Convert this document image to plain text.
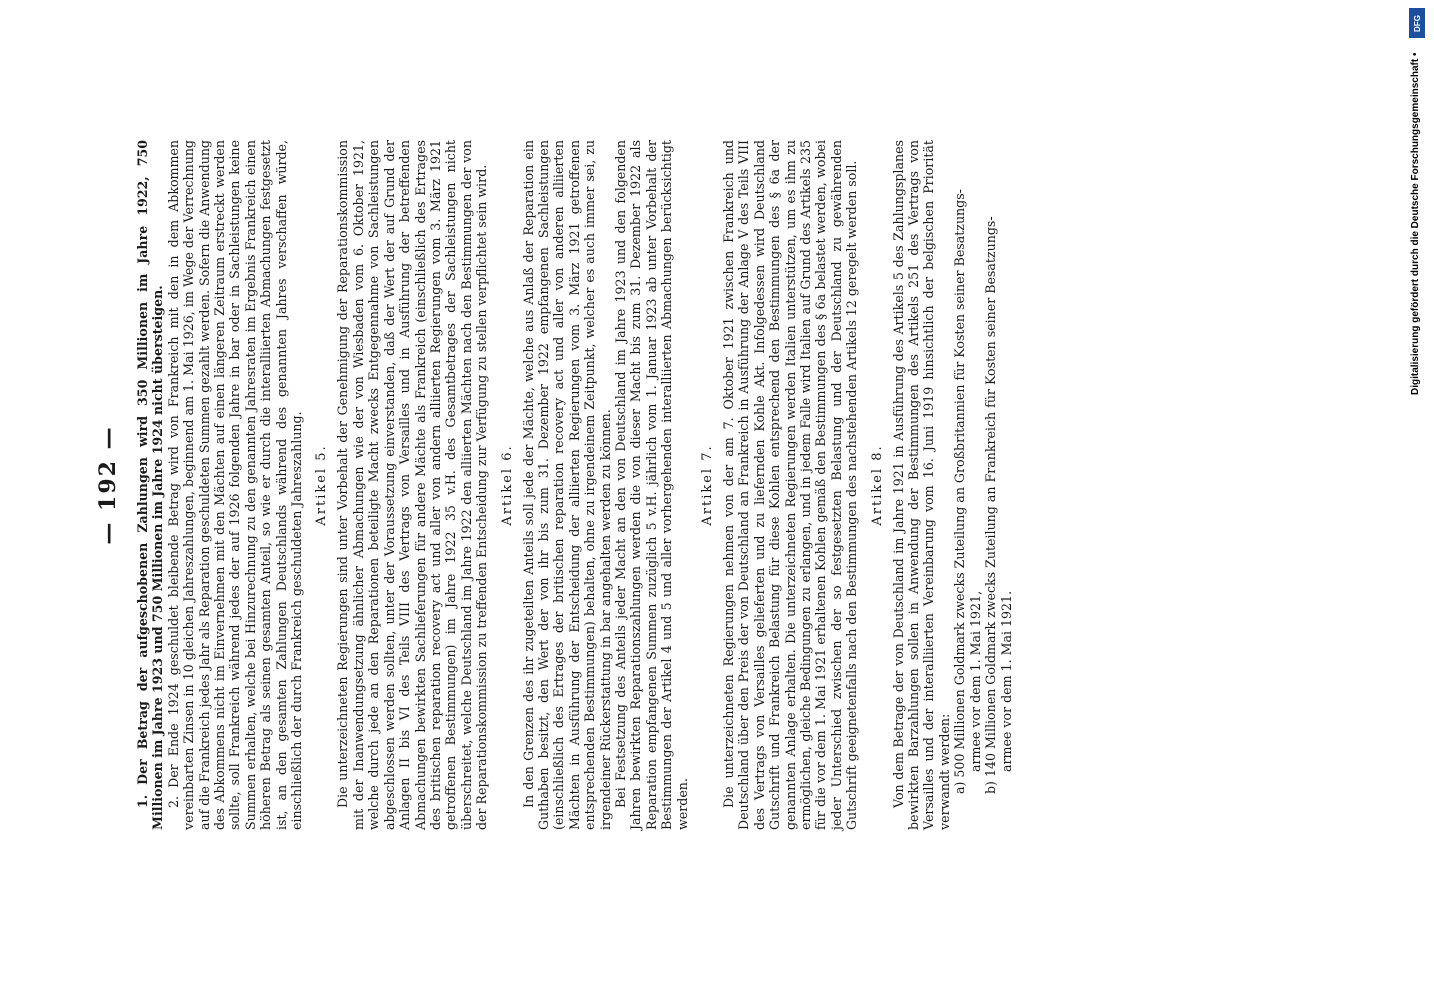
— 192 — 1. Der Betrag der aufgeschobenen Zahlungen wird 350 Millionen im Jahre 1922, 750 Millionen im Jahre 1923 und 750 Millionen im Jahre 1924 nicht übersteigen. 2. Der Ende 1924 geschuldet bleibende Betrag wird von Frankreich mit den in dem Abkommen vereinbarten Zinsen in 10 gleichen Jahreszahlungen, beginnend am 1. Mai 1926, im Wege der Verrechnung auf die Frankreich jedes Jahr als Reparation geschuldeten Summen gezahlt werden. Sofern die Anwendung des Abkommens nicht im Einvernehmen mit den Mächten auf einen längeren Zeitraum erstreckt werden sollte, soll Frankreich während jedes der auf 1926 folgenden Jahre in bar oder in Sachleistungen keine Summen erhalten, welche bei Hinzurechnung zu den genannten Jahresraten im Ergebnis Frankreich einen höheren Betrag als seinen gesamten Anteil, so wie er durch die interalliierten Abmachungen festgesetzt ist, an den gesamten Zahlungen Deutschlands während des genannten Jahres verschaffen würde, einschließlich der durch Frankreich geschuldeten Jahreszahlung. Artikel 5. Die unterzeichneten Regierungen sind unter Vorbehalt der Genehmigung der Reparationskommission mit der Inanwendungsetzung ähnlicher Abmachungen wie der von Wiesbaden vom 6. Oktober 1921, welche durch jede an den Reparationen beteiligte Macht zwecks Entgegennahme von Sachleistungen abgeschlossen werden sollten, unter der Voraussetzung einverstanden, daß der Wert der auf Grund der Anlagen II bis VI des Teils VIII des Vertrags von Versailles und in Ausführung der betreffenden Abmachungen bewirkten Sachlieferungen für andere Mächte als Frankreich (einschließlich des Ertrages des britischen reparation recovery act und aller von andern alliierten Regierungen vom 3. März 1921 getroffenen Bestimmungen) im Jahre 1922 35 v.H. des Gesamtbetrages der Sachleistungen nicht überschreitet, welche Deutschland im Jahre 1922 den alliierten Mächten nach den Bestimmungen der von der Reparationskommission zu treffenden Entscheidung zur Verfügung zu stellen verpflichtet sein wird. Artikel 6. In den Grenzen des ihr zugeteilten Anteils soll jede der Mächte, welche aus Anlaß der Reparation ein Guthaben besitzt, den Wert der von ihr bis zum 31. Dezember 1922 empfangenen Sachleistungen (einschließlich des Ertrages der britischen reparation recovery act und aller von anderen alliierten Mächten in Ausführung der Entscheidung der alliierten Regierungen vom 3. März 1921 getroffenen entsprechenden Bestimmungen) behalten, ohne zu irgendeinem Zeitpunkt, welcher es auch immer sei, zu irgendeiner Rückerstattung in bar angehalten werden zu können. Bei Festsetzung des Anteils jeder Macht an den von Deutschland im Jahre 1923 und den folgenden Jahren bewirkten Reparationszahlungen werden die von dieser Macht bis zum 31. Dezember 1922 als Reparation empfangenen Summen zuzüglich 5 v.H. jährlich vom 1. Januar 1923 ab unter Vorbehalt der Bestimmungen der Artikel 4 und 5 und aller vorhergehenden interalliierten Abmachungen berücksichtigt werden.

Artikel 7. Die unterzeichneten Regierungen nehmen von der am 7. Oktober 1921 zwischen Frankreich und Deutschland über den Preis der von Deutschland an Frankreich in Ausführung der Anlage V des Teils VIII des Vertrags von Versailles gelieferten und zu liefernden Kohle Akt. Infolgedessen wird Deutschland Gutschrift und Frankreich Belastung für diese Kohlen entsprechend den Bestimmungen des § 6a der genannten Anlage erhalten. Die unterzeichneten Regierungen werden Italien unterstützen, um es ihm zu ermöglichen, gleiche Bedingungen zu erlangen, und in jedem Falle wird Italien auf Grund des Artikels 235 für die vor dem 1. Mai 1921 erhaltenen Kohlen gemäß den Bestimmungen des § 6a belastet werden, wobei jeder Unterschied zwischen der so festgesetzten Belastung und der Deutschland zu gewährenden Gutschrift geeignetenfalls nach den Bestimmungen des nachstehenden Artikels 12 geregelt werden soll. Artikel 8. Von dem Betrage der von Deutschland im Jahre 1921 in Ausführung des Artikels 5 des Zahlungsplanes bewirkten Barzahlungen sollen in Anwendung der Bestimmungen des Artikels 251 des Vertrags von Versailles und der interalliierten Vereinbarung vom 16. Juni 1919 hinsichtlich der belgischen Priorität verwandt werden: a) 500 Millionen Goldmark zwecks Zuteilung an Großbritannien für Kosten seiner Besatzungs- armee vor dem 1. Mai 1921, b) 140 Millionen Goldmark zwecks Zuteilung an Frankreich für Kosten seiner Besatzungs- armee vor dem 1. Mai 1921.

DFG
Digitalisierung gefördert durch die Deutsche Forschungsgemeinschaft •
